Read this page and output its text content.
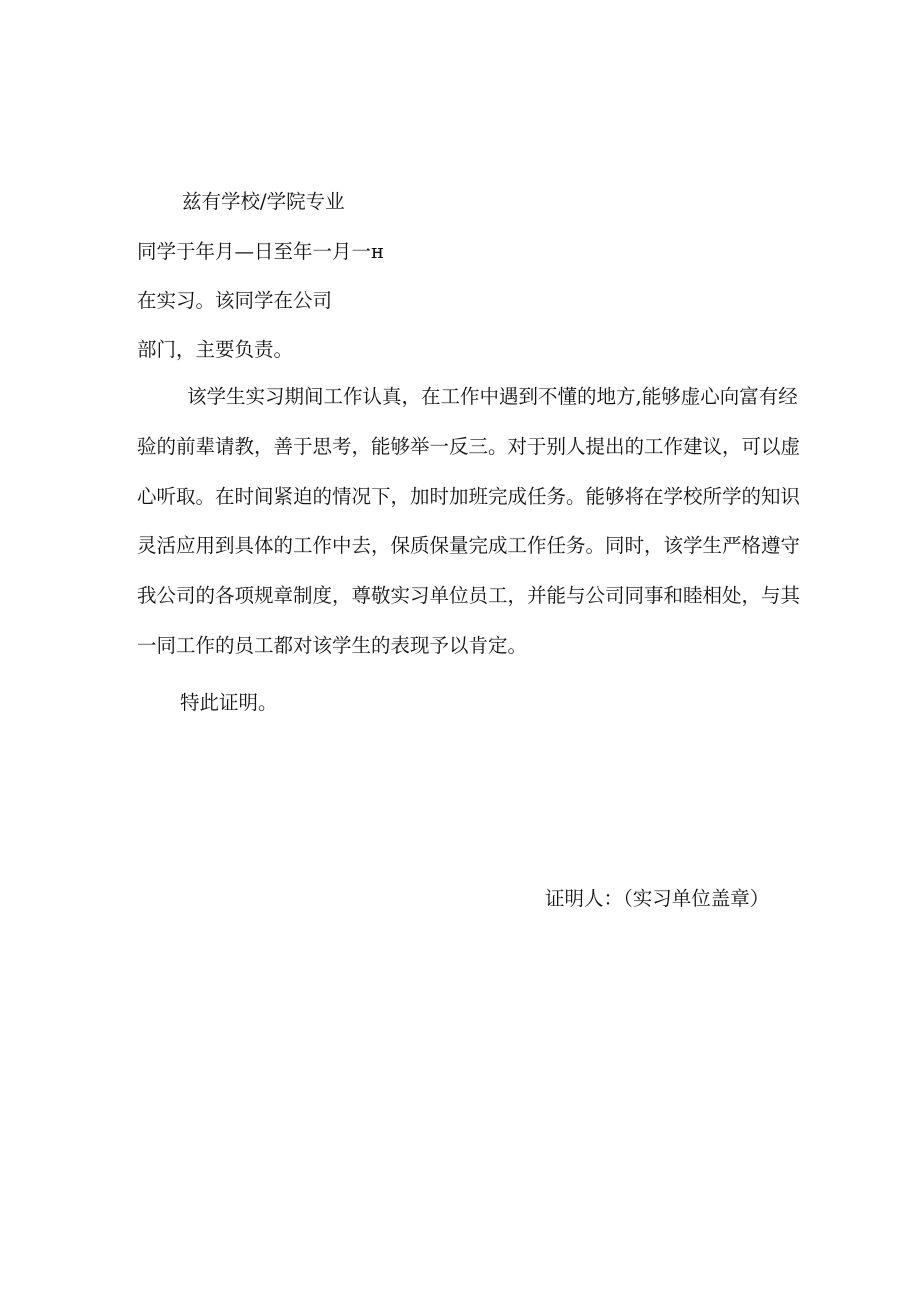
兹有学校/学院专业
同学于年月—日至年一月一н
在实习。该同学在公司
部门，主要负责。
该学生实习期间工作认真，在工作中遇到不懂的地方,能够虚心向富有经
验的前辈请教，善于思考，能够举一反三。对于别人提出的工作建议，可以虚
心听取。在时间紧迫的情况下，加时加班完成任务。能够将在学校所学的知识
灵活应用到具体的工作中去，保质保量完成工作任务。同时，该学生严格遵守
我公司的各项规章制度，尊敬实习单位员工，并能与公司同事和睦相处，与其
一同工作的员工都对该学生的表现予以肯定。
特此证明。
证明人：（实习单位盖章）
